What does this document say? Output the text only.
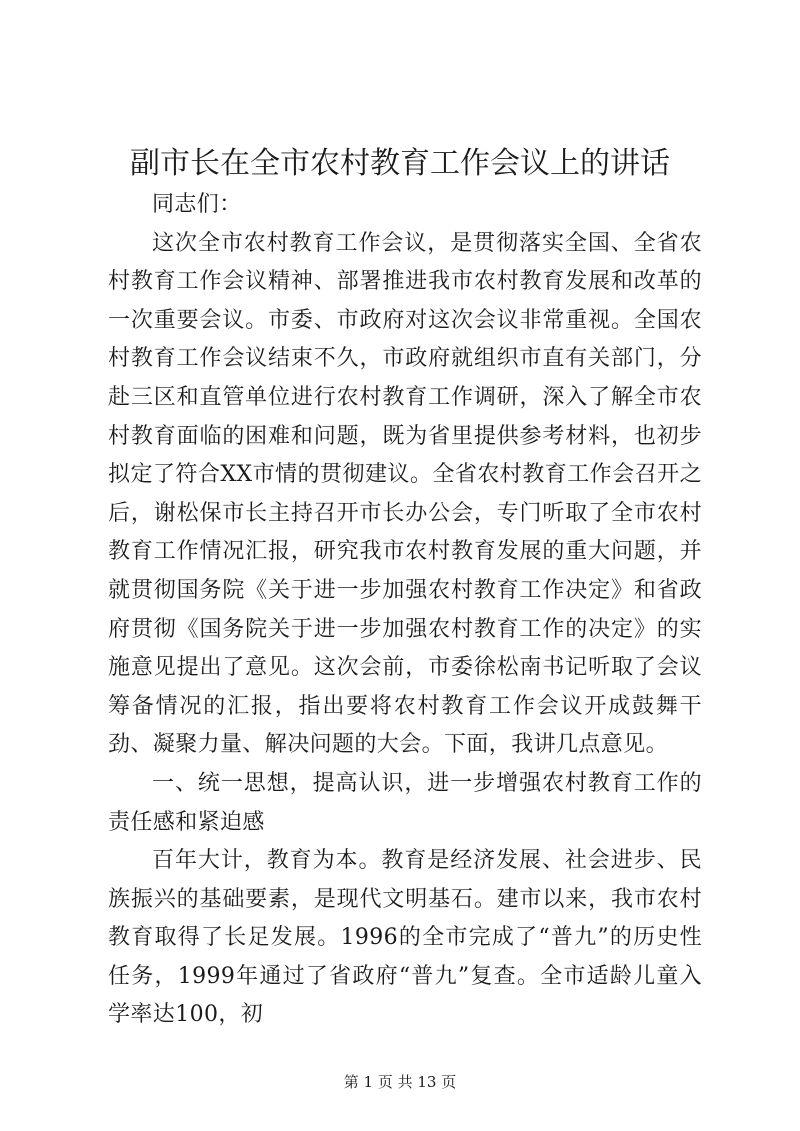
副市长在全市农村教育工作会议上的讲话

同志们：

这次全市农村教育工作会议，是贯彻落实全国、全省农村教育工作会议精神、部署推进我市农村教育发展和改革的一次重要会议。市委、市政府对这次会议非常重视。全国农村教育工作会议结束不久，市政府就组织市直有关部门，分赴三区和直管单位进行农村教育工作调研，深入了解全市农村教育面临的困难和问题，既为省里提供参考材料，也初步拟定了符合XX市情的贯彻建议。全省农村教育工作会召开之后，谢松保市长主持召开市长办公会，专门听取了全市农村教育工作情况汇报，研究我市农村教育发展的重大问题，并就贯彻国务院《关于进一步加强农村教育工作决定》和省政府贯彻《国务院关于进一步加强农村教育工作的决定》的实施意见提出了意见。这次会前，市委徐松南书记听取了会议筹备情况的汇报，指出要将农村教育工作会议开成鼓舞干劲、凝聚力量、解决问题的大会。下面，我讲几点意见。

一、统一思想，提高认识，进一步增强农村教育工作的责任感和紧迫感

百年大计，教育为本。教育是经济发展、社会进步、民族振兴的基础要素，是现代文明基石。建市以来，我市农村教育取得了长足发展。1996的全市完成了“普九”的历史性任务，1999年通过了省政府“普九”复查。全市适龄儿童入学率达100，初

第 1 页 共 13 页
